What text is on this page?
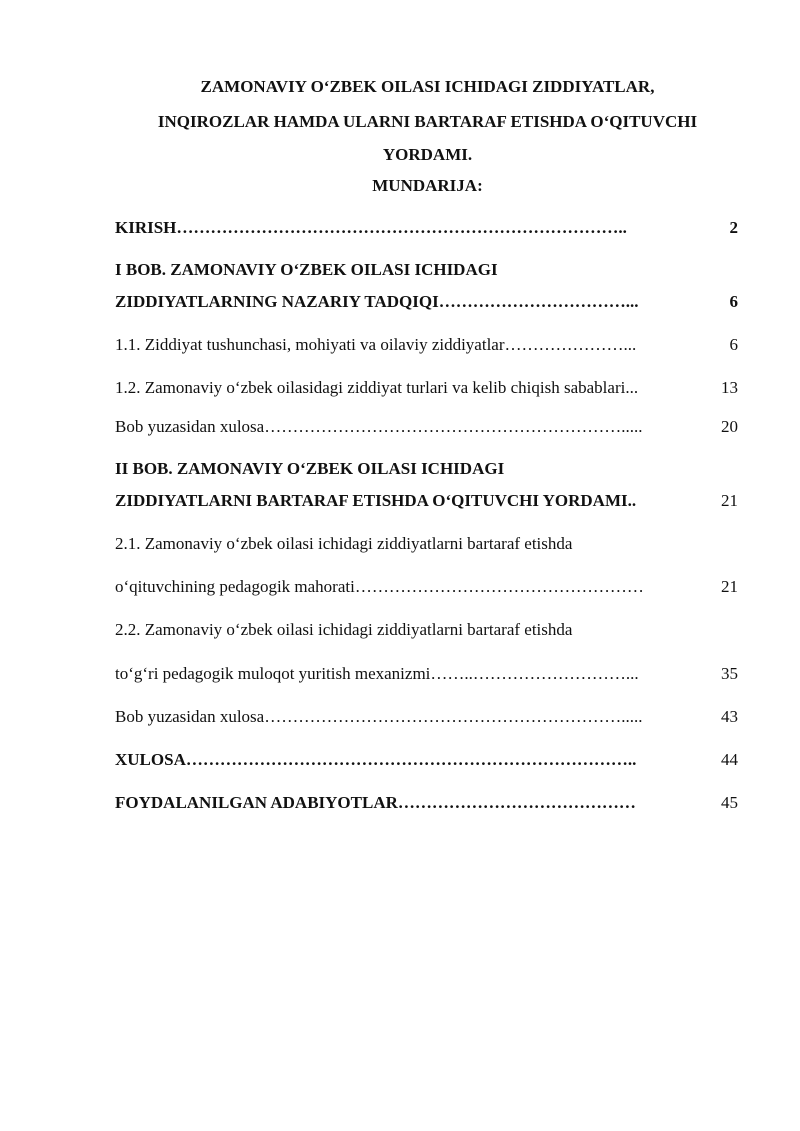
ZAMONAVIY O‘ZBEK OILASI ICHIDAGI ZIDDIYATLAR,
INQIROZLAR HAMDA ULARNI BARTARAF ETISHDA O‘QITUVCHI
YORDAMI.
MUNDARIJA:
KIRISH……………………………………………………………………..	2
I BOB. ZAMONAVIY O‘ZBEK OILASI ICHIDAGI
ZIDDIYATLARNING NAZARIY TADQIQI……………………………...	6
1.1. Ziddiyat tushunchasi, mohiyati va oilaviy ziddiyatlar…………………...	6
1.2. Zamonaviy o‘zbek oilasidagi ziddiyat turlari va kelib chiqish sabablari...	13
Bob yuzasidan xulosa……………………………………………………….....	20
II BOB. ZAMONAVIY O‘ZBEK OILASI ICHIDAGI
ZIDDIYATLARNI BARTARAF ETISHDA O‘QITUVCHI YORDAMI..	21
2.1. Zamonaviy o‘zbek oilasi ichidagi ziddiyatlarni bartaraf etishda
o‘qituvchining pedagogik mahorati……………………………………………	21
2.2. Zamonaviy o‘zbek oilasi ichidagi ziddiyatlarni bartaraf etishda
to‘g‘ri pedagogik muloqot yuritish mexanizmi……..………………………...	35
Bob yuzasidan xulosa……………………………………………………….....	43
XULOSA……………………………………………………………………..	44
FOYDALANILGAN ADABIYOTLAR……………………………………	45
